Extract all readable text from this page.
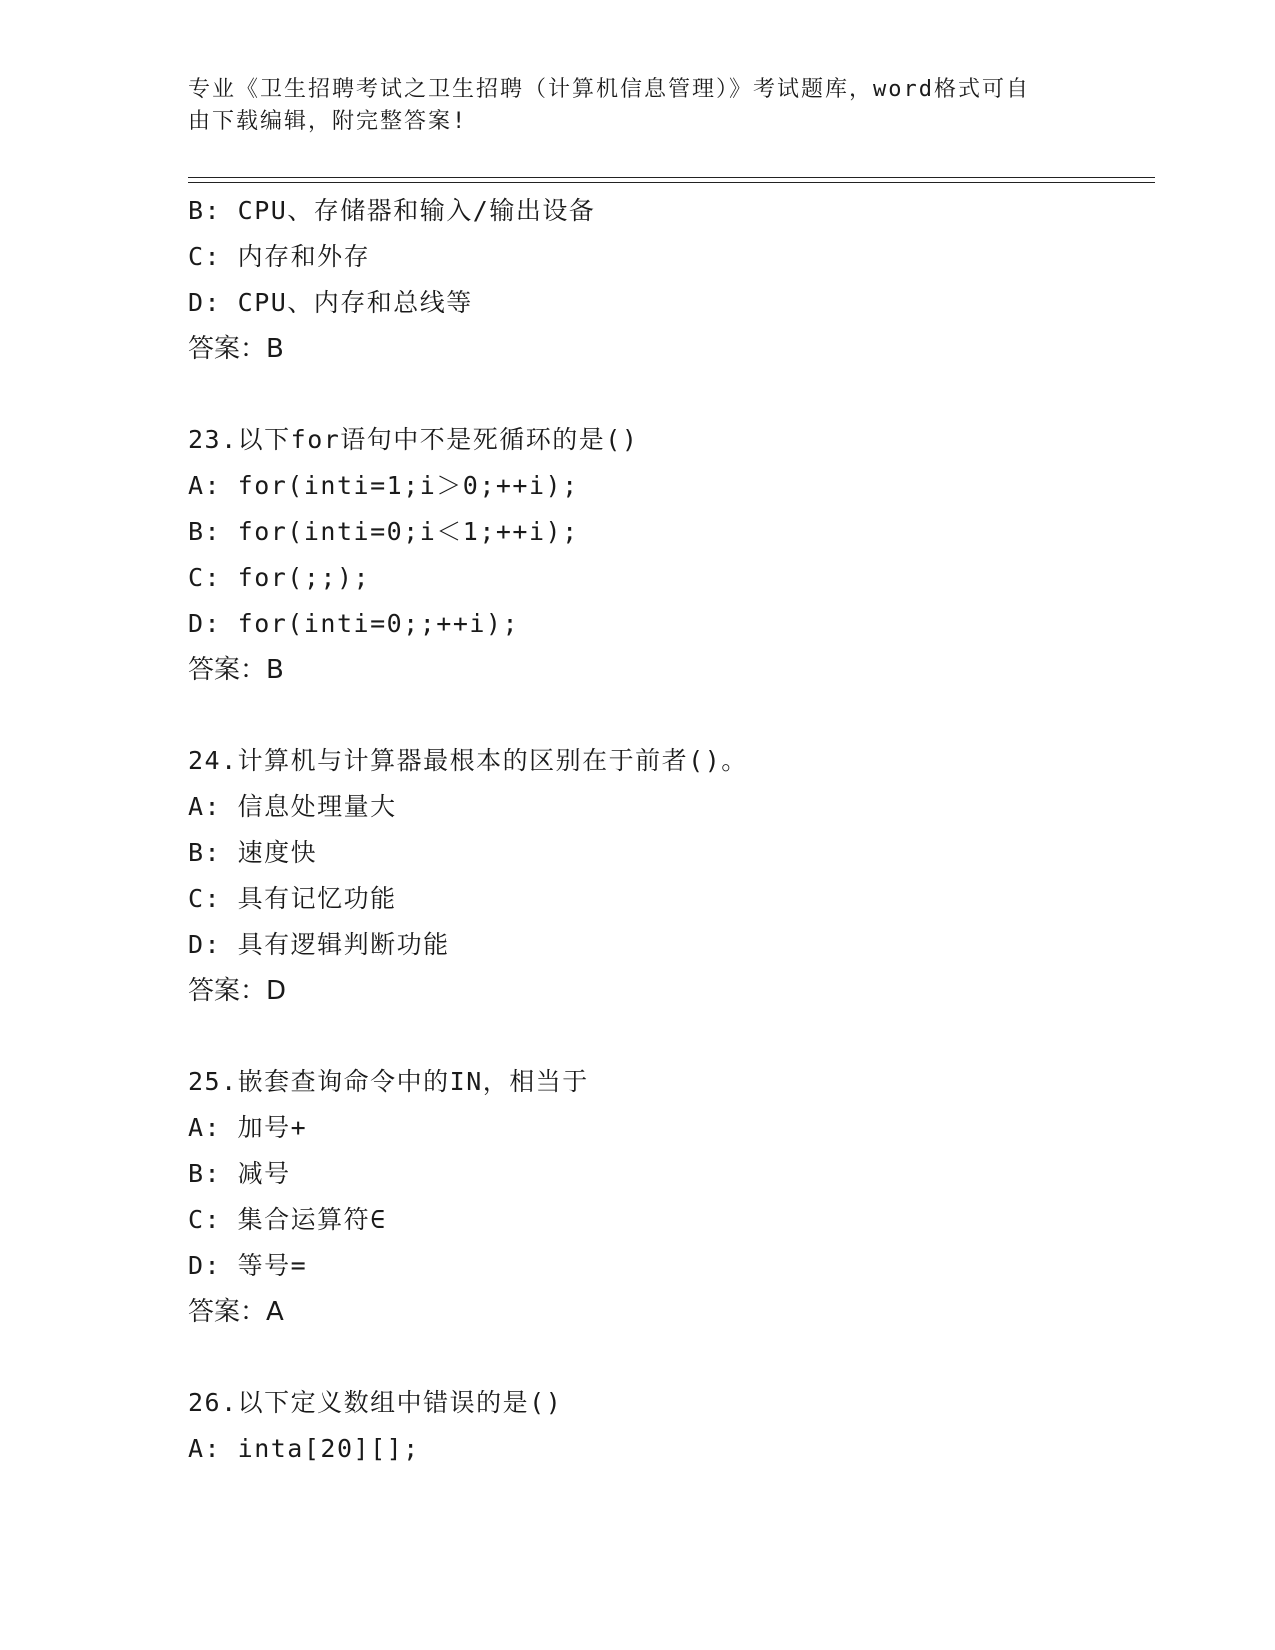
专业《卫生招聘考试之卫生招聘（计算机信息管理）》考试题库，word格式可自
由下载编辑，附完整答案!
B: CPU、存储器和输入/输出设备
C: 内存和外存
D: CPU、内存和总线等
答案：B
23.以下for语句中不是死循环的是()
A: for(inti=1;i＞0;++i);
B: for(inti=0;i＜1;++i);
C: for(;;);
D: for(inti=0;;++i);
答案：B
24.计算机与计算器最根本的区别在于前者()。
A: 信息处理量大
B: 速度快
C: 具有记忆功能
D: 具有逻辑判断功能
答案：D
25.嵌套查询命令中的IN，相当于
A: 加号+
B: 减号
C: 集合运算符∈
D: 等号=
答案：A
26.以下定义数组中错误的是()
A: inta[20][];
